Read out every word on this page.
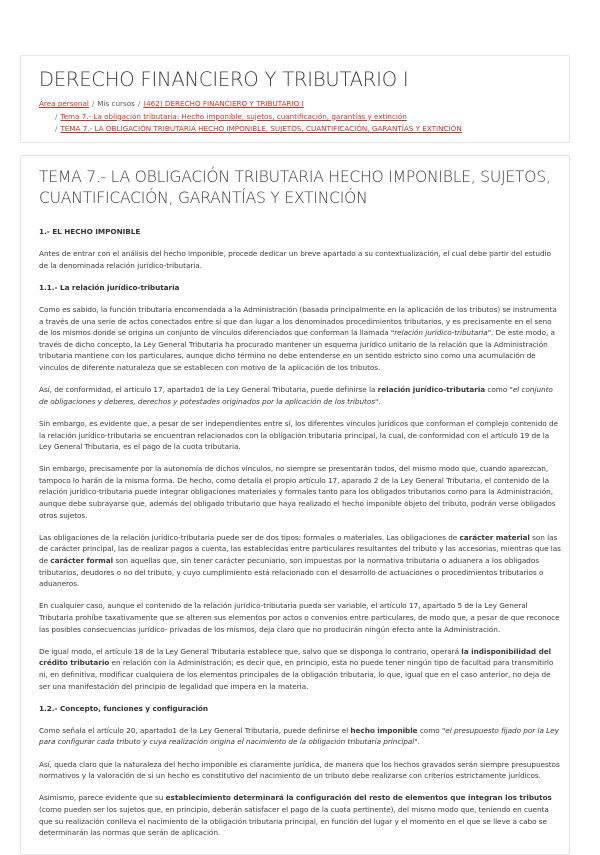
DERECHO FINANCIERO Y TRIBUTARIO I
Área personal / Mis cursos / (462) DERECHO FINANCIERO Y TRIBUTARIO I
/ Tema 7.- La obligación tributaria: Hecho imponible, sujetos, cuantificación, garantías y extinción
/ TEMA 7.- LA OBLIGACIÓN TRIBUTARIA HECHO IMPONIBLE, SUJETOS, CUANTIFICACIÓN, GARANTÍAS Y EXTINCIÓN
TEMA 7.- LA OBLIGACIÓN TRIBUTARIA HECHO IMPONIBLE, SUJETOS, CUANTIFICACIÓN, GARANTÍAS Y EXTINCIÓN

1.- EL HECHO IMPONIBLE

Antes de entrar con el análisis del hecho imponible, procede dedicar un breve apartado a su contextualización, el cual debe partir del estudio de la denominada relación jurídico-tributaria.

1.1.- La relación jurídico-tributaria

Como es sabido, la función tributaria encomendada a la Administración (basada principalmente en la aplicación de los tributos) se instrumenta a través de una serie de actos conectados entre sí que dan lugar a los denominados procedimientos tributarios, y es precisamente en el seno de los mismos donde se origina un conjunto de vínculos diferenciados que conforman la llamada "relación jurídico-tributaria". De este modo, a través de dicho concepto, la Ley General Tributaria ha procurado mantener un esquema jurídico unitario de la relación que la Administración tributaria mantiene con los particulares, aunque dicho término no debe entenderse en un sentido estricto sino como una acumulación de vínculos de diferente naturaleza que se establecen con motivo de la aplicación de los tributos.

Así, de conformidad, el artículo 17, apartado1 de la Ley General Tributaria, puede definirse la relación jurídico-tributaria como "el conjunto de obligaciones y deberes, derechos y potestades originados por la aplicación de los tributos".

Sin embargo, es evidente que, a pesar de ser independientes entre sí, los diferentes vínculos jurídicos que conforman el complejo contenido de la relación jurídico-tributaria se encuentran relacionados con la obligación tributaria principal, la cual, de conformidad con el artículo 19 de la Ley General Tributaria, es el pago de la cuota tributaria.

Sin embargo, precisamente por la autonomía de dichos vínculos, no siempre se presentarán todos, del mismo modo que, cuando aparezcan, tampoco lo harán de la misma forma. De hecho, como detalla el propio artículo 17, aparado 2 de la Ley General Tributaria, el contenido de la relación jurídico-tributaria puede integrar obligaciones materiales y formales tanto para los obligados tributarios como para la Administración, aunque debe subrayarse que, además del obligado tributario que haya realizado el hecho imponible objeto del tributo, podrán verse obligados otros sujetos.

Las obligaciones de la relación jurídico-tributaria puede ser de dos tipos: formales o materiales. Las obligaciones de carácter material son las de carácter principal, las de realizar pagos a cuenta, las establecidas entre particulares resultantes del tributo y las accesorias, mientras que las de carácter formal son aquellas que, sin tener carácter pecuniario, son impuestas por la normativa tributaria o aduanera a los obligados tributarios, deudores o no del tributo, y cuyo cumplimiento está relacionado con el desarrollo de actuaciones o procedimientos tributarios o aduaneros.

En cualquier caso, aunque el contenido de la relación jurídico-tributaria pueda ser variable, el artículo 17, apartado 5 de la Ley General Tributaria prohíbe taxativamente que se alteren sus elementos por actos o convenios entre particulares, de modo que, a pesar de que reconoce las posibles consecuencias jurídico- privadas de los mismos, deja claro que no producirán ningún efecto ante la Administración.

De igual modo, el artículo 18 de la Ley General Tributaria establece que, salvo que se disponga lo contrario, operará la indisponibilidad del crédito tributario en relación con la Administración; es decir que, en principio, esta no puede tener ningún tipo de facultad para transmitirlo ni, en definitiva, modificar cualquiera de los elementos principales de la obligación tributaria, lo que, igual que en el caso anterior, no deja de ser una manifestación del principio de legalidad que impera en la materia.

1.2.- Concepto, funciones y configuración

Como señala el artículo 20, apartado1 de la Ley General Tributaria, puede definirse el hecho imponible como "el presupuesto fijado por la Ley para configurar cada tributo y cuya realización origina el nacimiento de la obligación tributaria principal".

Así, queda claro que la naturaleza del hecho imponible es claramente jurídica, de manera que los hechos gravados serán siempre presupuestos normativos y la valoración de si un hecho es constitutivo del nacimiento de un tributo debe realizarse con criterios estrictamente jurídicos.

Asimismo, parece evidente que su establecimiento determinará la configuración del resto de elementos que integran los tributos (como pueden ser los sujetos que, en principio, deberán satisfacer el pago de la cuota pertinente), del mismo modo que, teniendo en cuenta que su realización conlleva el nacimiento de la obligación tributaria principal, en función del lugar y el momento en el que se lleve a cabo se determinarán las normas que serán de aplicación.
